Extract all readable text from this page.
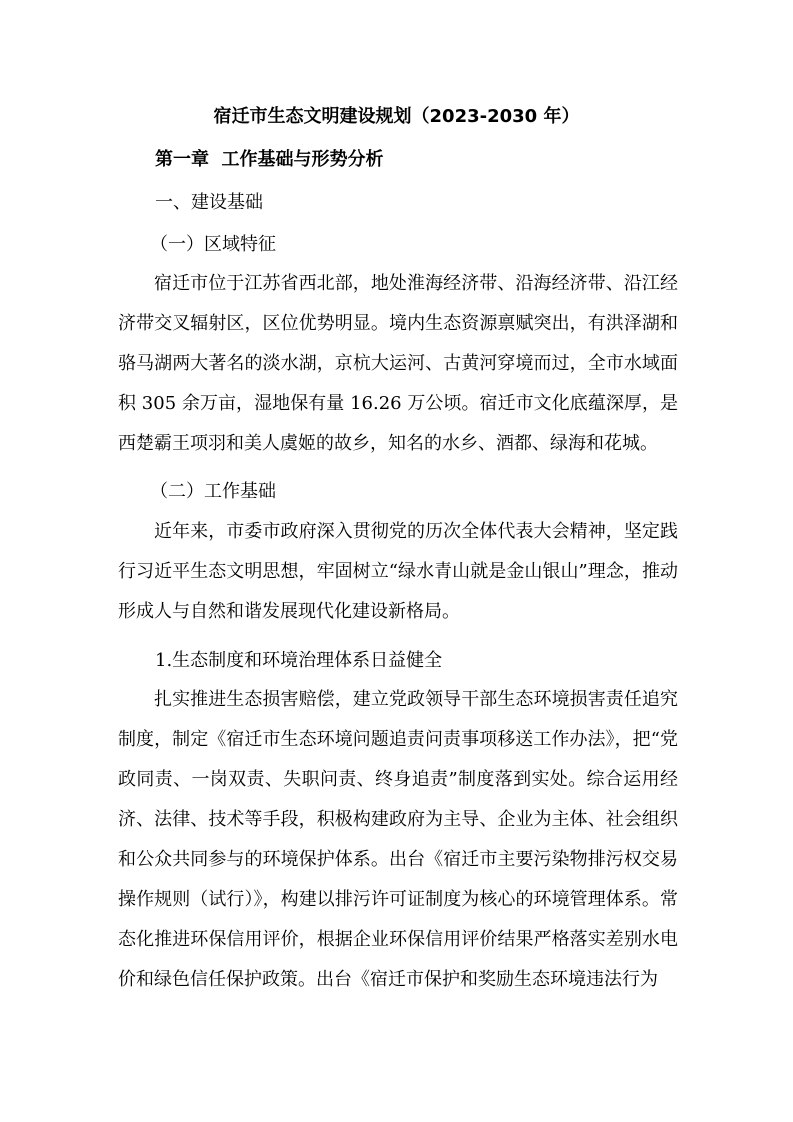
宿迁市生态文明建设规划（2023-2030 年）
第一章  工作基础与形势分析
一、建设基础
（一）区域特征

宿迁市位于江苏省西北部，地处淮海经济带、沿海经济带、沿江经济带交叉辐射区，区位优势明显。境内生态资源禀赋突出，有洪泽湖和骆马湖两大著名的淡水湖，京杭大运河、古黄河穿境而过，全市水域面积 305 余万亩，湿地保有量 16.26 万公顷。宿迁市文化底蕴深厚，是西楚霸王项羽和美人虞姬的故乡，知名的水乡、酒都、绿海和花城。

（二）工作基础

近年来，市委市政府深入贯彻党的历次全体代表大会精神，坚定践行习近平生态文明思想，牢固树立“绿水青山就是金山银山”理念，推动形成人与自然和谐发展现代化建设新格局。

1.生态制度和环境治理体系日益健全

扎实推进生态损害赔偿，建立党政领导干部生态环境损害责任追究制度，制定《宿迁市生态环境问题追责问责事项移送工作办法》，把“党政同责、一岗双责、失职问责、终身追责”制度落到实处。综合运用经济、法律、技术等手段，积极构建政府为主导、企业为主体、社会组织和公众共同参与的环境保护体系。出台《宿迁市主要污染物排污权交易操作规则（试行）》，构建以排污许可证制度为核心的环境管理体系。常态化推进环保信用评价，根据企业环保信用评价结果严格落实差别水电价和绿色信任保护政策。出台《宿迁市保护和奖励生态环境违法行为
